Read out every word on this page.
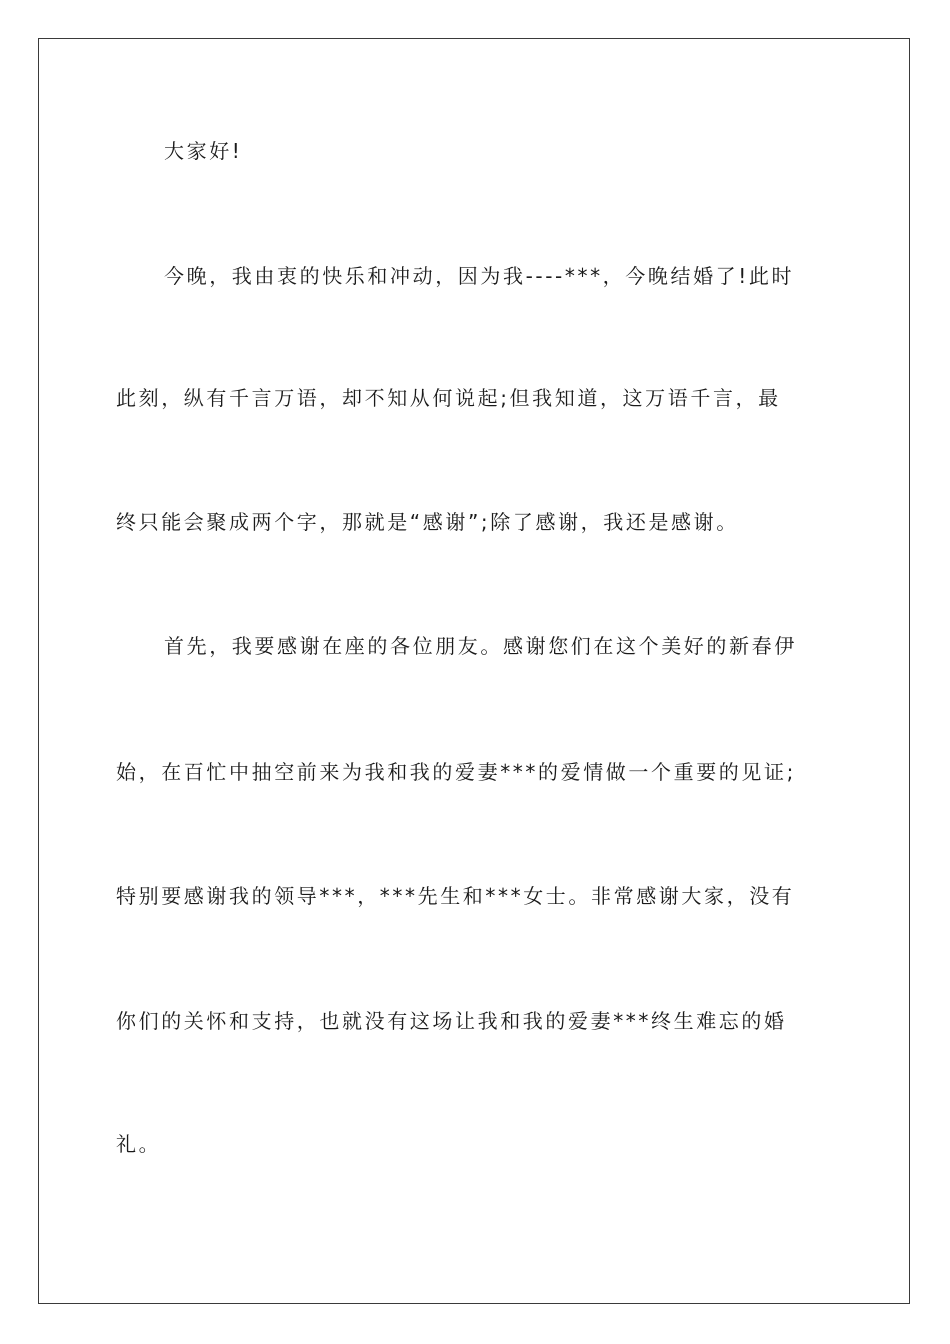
大家好!
今晚，我由衷的快乐和冲动，因为我----***，今晚结婚了!此时
此刻，纵有千言万语，却不知从何说起;但我知道，这万语千言，最
终只能会聚成两个字，那就是“感谢”;除了感谢，我还是感谢。
首先，我要感谢在座的各位朋友。感谢您们在这个美好的新春伊
始，在百忙中抽空前来为我和我的爱妻***的爱情做一个重要的见证;
特别要感谢我的领导***，***先生和***女士。非常感谢大家，没有
你们的关怀和支持，也就没有这场让我和我的爱妻***终生难忘的婚
礼。
